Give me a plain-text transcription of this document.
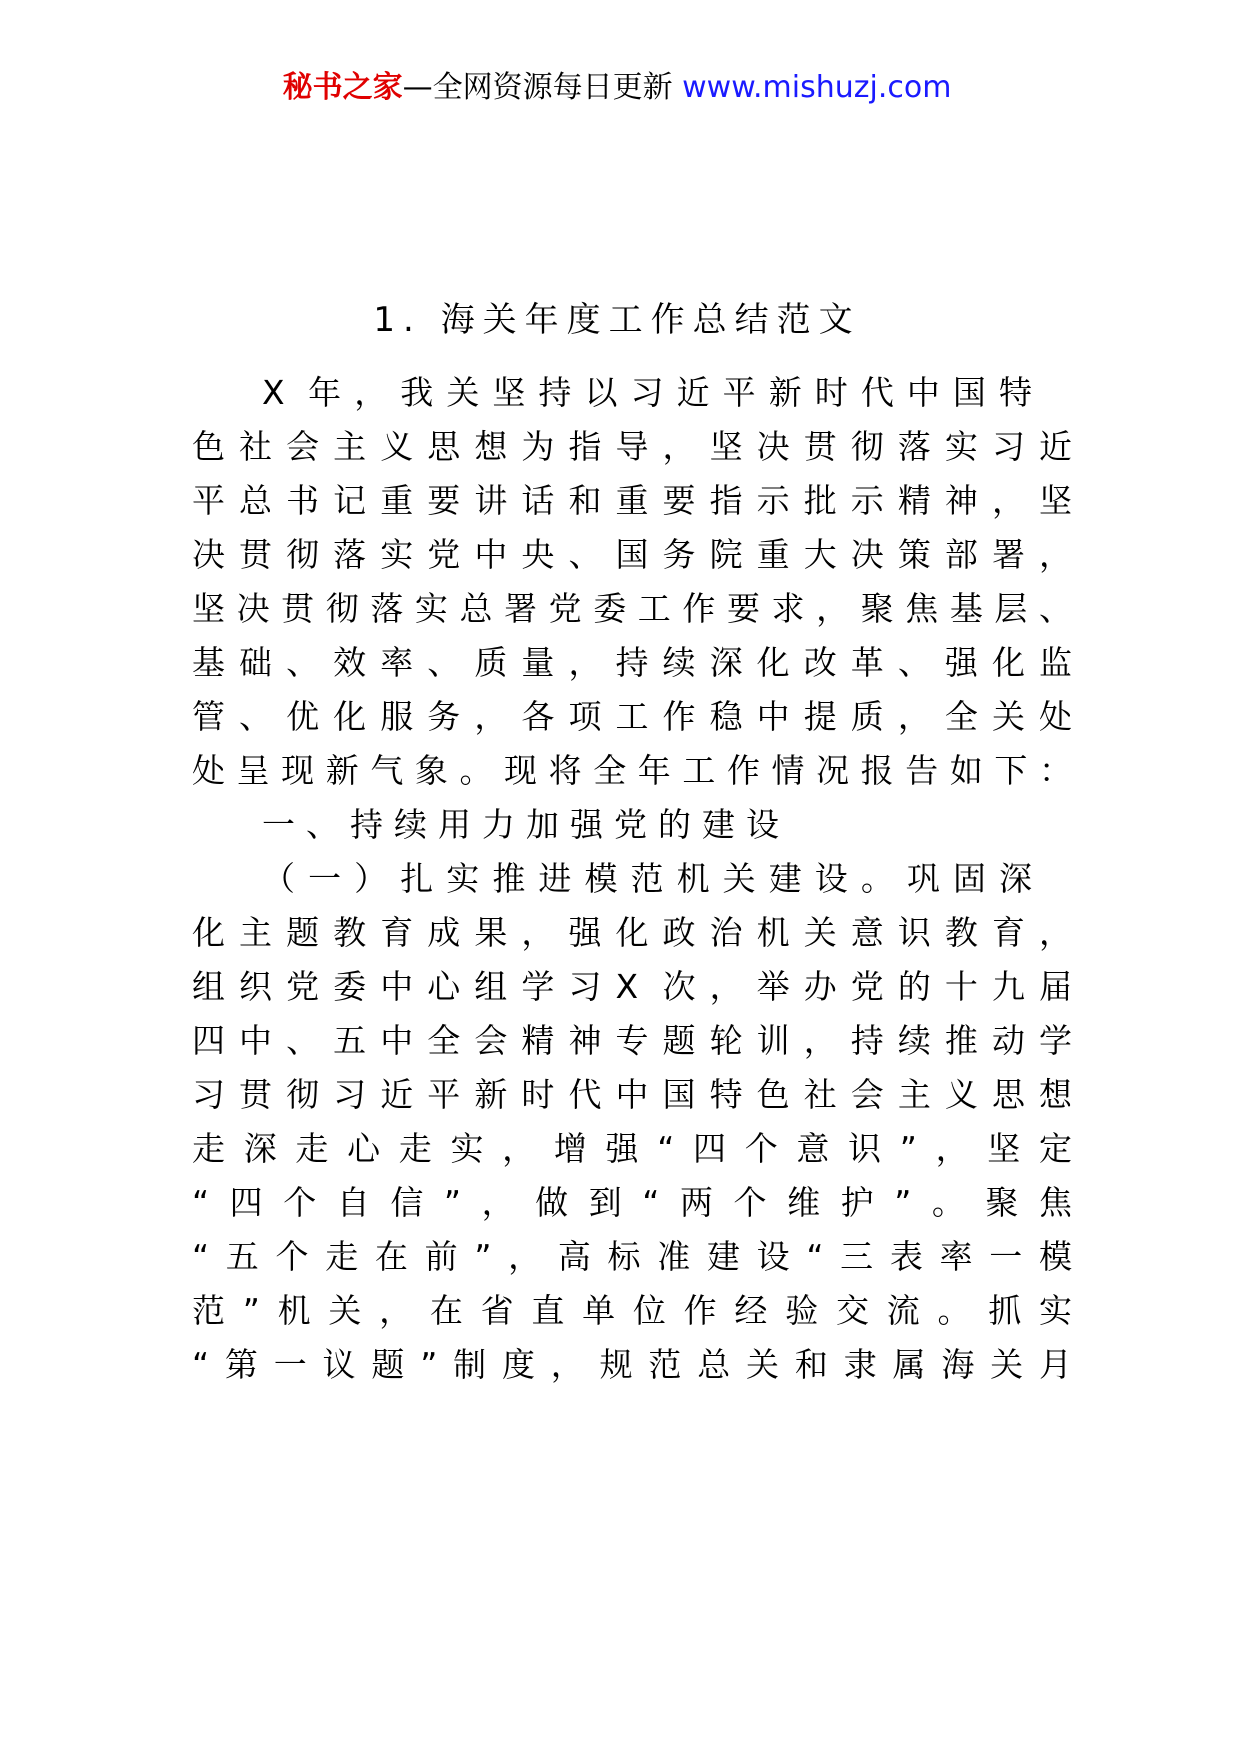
秘书之家—全网资源每日更新 www.mishuzj.com
1. 海关年度工作总结范文
X 年，我关坚持以习近平新时代中国特
色社会主义思想为指导，坚决贯彻落实习近
平总书记重要讲话和重要指示批示精神，坚
决贯彻落实党中央、国务院重大决策部署，
坚决贯彻落实总署党委工作要求，聚焦基层、
基础、效率、质量，持续深化改革、强化监
管、优化服务，各项工作稳中提质，全关处
处呈现新气象。现将全年工作情况报告如下：
一、持续用力加强党的建设
（一）扎实推进模范机关建设。巩固深
化主题教育成果，强化政治机关意识教育，
组织党委中心组学习X 次，举办党的十九届
四中、五中全会精神专题轮训，持续推动学
习贯彻习近平新时代中国特色社会主义思想
走深走心走实，增强“四个意识”，坚定
“四个自信”，做到“两个维护”。聚焦
“五个走在前”，高标准建设“三表率一模
范”机关，在省直单位作经验交流。抓实
“第一议题”制度，规范总关和隶属海关月
